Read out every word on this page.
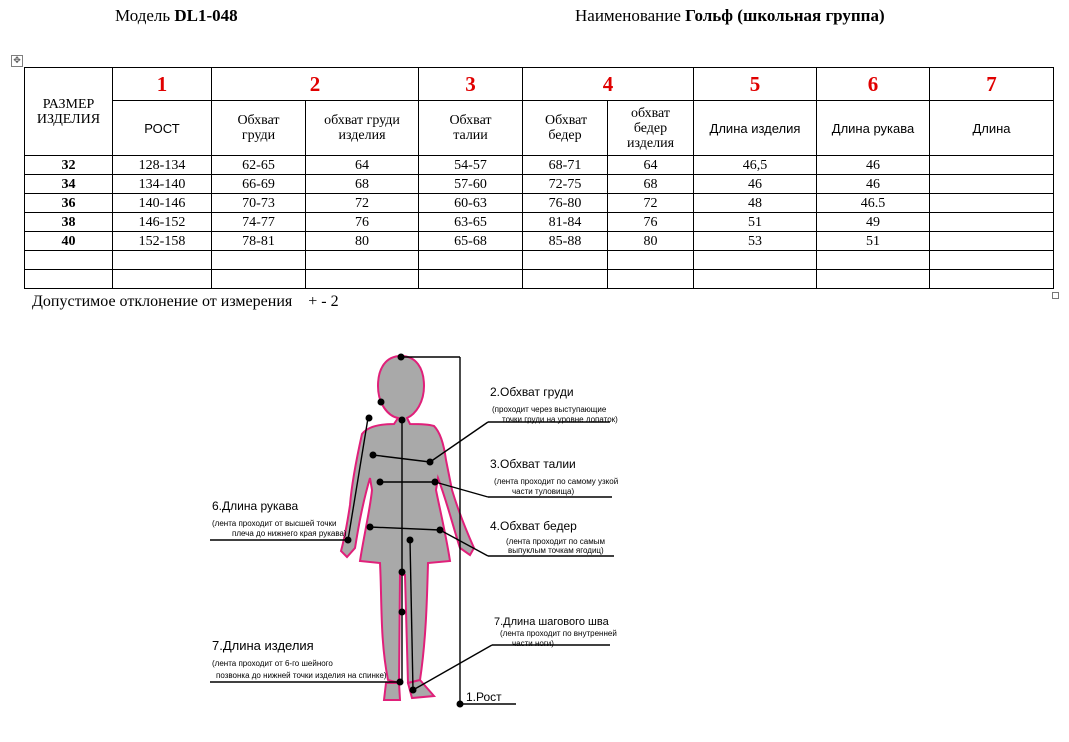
Модель DL1-048	Наименование Гольф (школьная группа)
✥
РАЗМЕР ИЗДЕЛИЯ	1	2		3	4		5	6	7
	РОСТ	Обхват груди	обхват груди изделия	Обхват талии	Обхват бедер	обхват бедер изделия	Длина изделия	Длина рукава	Длина
32	128-134	62-65	64	54-57	68-71	64	46,5	46	
34	134-140	66-69	68	57-60	72-75	68	46	46	
36	140-146	70-73	72	60-63	76-80	72	48	46.5	
38	146-152	74-77	76	63-65	81-84	76	51	49	
40	152-158	78-81	80	65-68	85-88	80	53	51	

Допустимое отклонение от измерения + - 2
2.Обхват груди
(проходит через выступающие
точки груди на уровне лопаток)
3.Обхват талии
(лента проходит по самому узкой
части туловища)
4.Обхват бедер
(лента проходит по самым
выпуклым точкам ягодиц)
6.Длина рукава
(лента проходит от высшей точки
плеча до нижнего края рукава)
7.Длина шагового шва
(лента проходит по внутренней
части ноги)
7.Длина изделия
(лента проходит от 6-го шейного
позвонка до нижней точки изделия на спинке)
1.Рост
